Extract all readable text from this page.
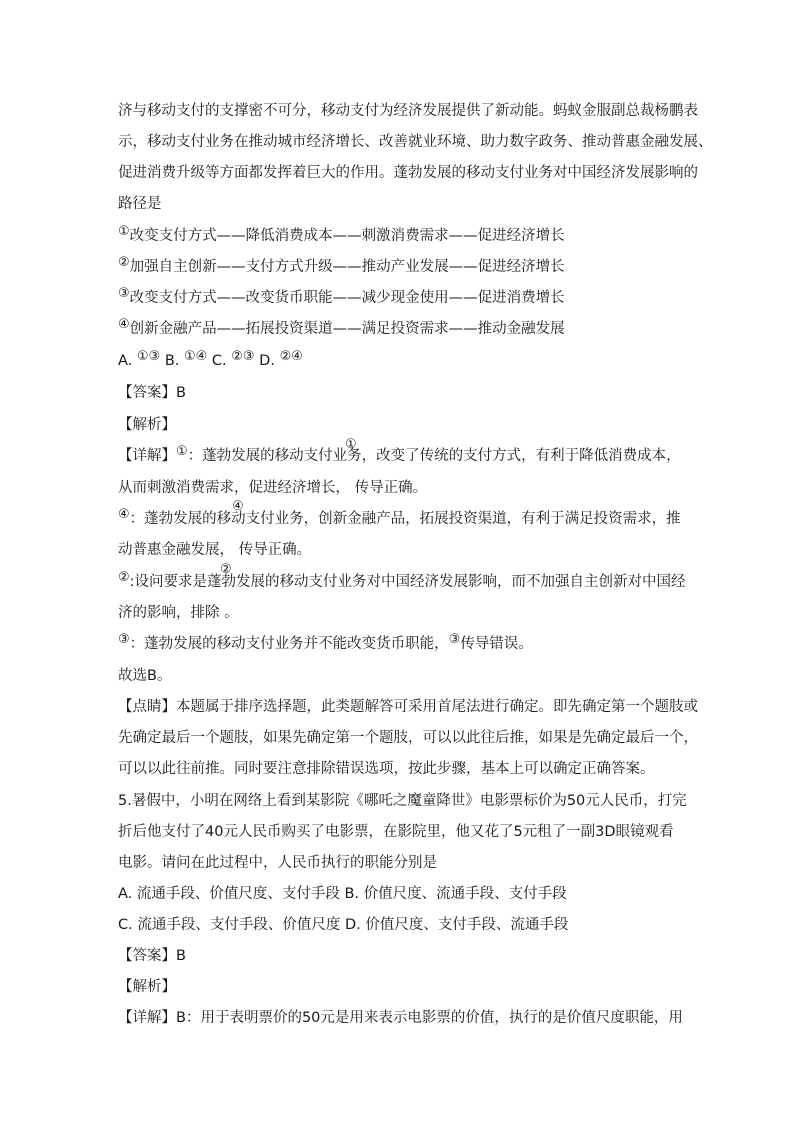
济与移动支付的支撑密不可分，移动支付为经济发展提供了新动能。蚂蚁金服副总裁杨鹏表
示，移动支付业务在推动城市经济增长、改善就业环境、助力数字政务、推动普惠金融发展、
促进消费升级等方面都发挥着巨大的作用。蓬勃发展的移动支付业务对中国经济发展影响的
路径是
①改变支付方式——降低消费成本——刺激消费需求——促进经济增长
②加强自主创新——支付方式升级——推动产业发展——促进经济增长
③改变支付方式——改变货币职能——减少现金使用——促进消费增长
④创新金融产品——拓展投资渠道——满足投资需求——推动金融发展
A. ①③ B. ①④ C. ②③ D. ②④
【答案】B
【解析】
【详解】①：蓬勃发展的移动支付业务，改变了传统的支付方式，有利于降低消费成本，
①
从而刺激消费需求，促进经济增长， 传导正确。
④：蓬勃发展的移动支付业务，创新金融产品，拓展投资渠道，有利于满足投资需求，推
④
动普惠金融发展， 传导正确。
②:设问要求是蓬勃发展的移动支付业务对中国经济发展影响，而不加强自主创新对中国经
②
济的影响，排除 。
③：蓬勃发展的移动支付业务并不能改变货币职能，③传导错误。
故选B。
【点睛】本题属于排序选择题，此类题解答可采用首尾法进行确定。即先确定第一个题肢或
先确定最后一个题肢，如果先确定第一个题肢，可以以此往后推，如果是先确定最后一个，
可以以此往前推。同时要注意排除错误选项，按此步骤，基本上可以确定正确答案。
5.暑假中，小明在网络上看到某影院《哪吒之魔童降世》电影票标价为50元人民币，打完
折后他支付了40元人民币购买了电影票，在影院里，他又花了5元租了一副3D眼镜观看
电影。请问在此过程中，人民币执行的职能分别是
A. 流通手段、价值尺度、支付手段 B. 价值尺度、流通手段、支付手段
C. 流通手段、支付手段、价值尺度 D. 价值尺度、支付手段、流通手段
【答案】B
【解析】
【详解】B：用于表明票价的50元是用来表示电影票的价值，执行的是价值尺度职能，用
